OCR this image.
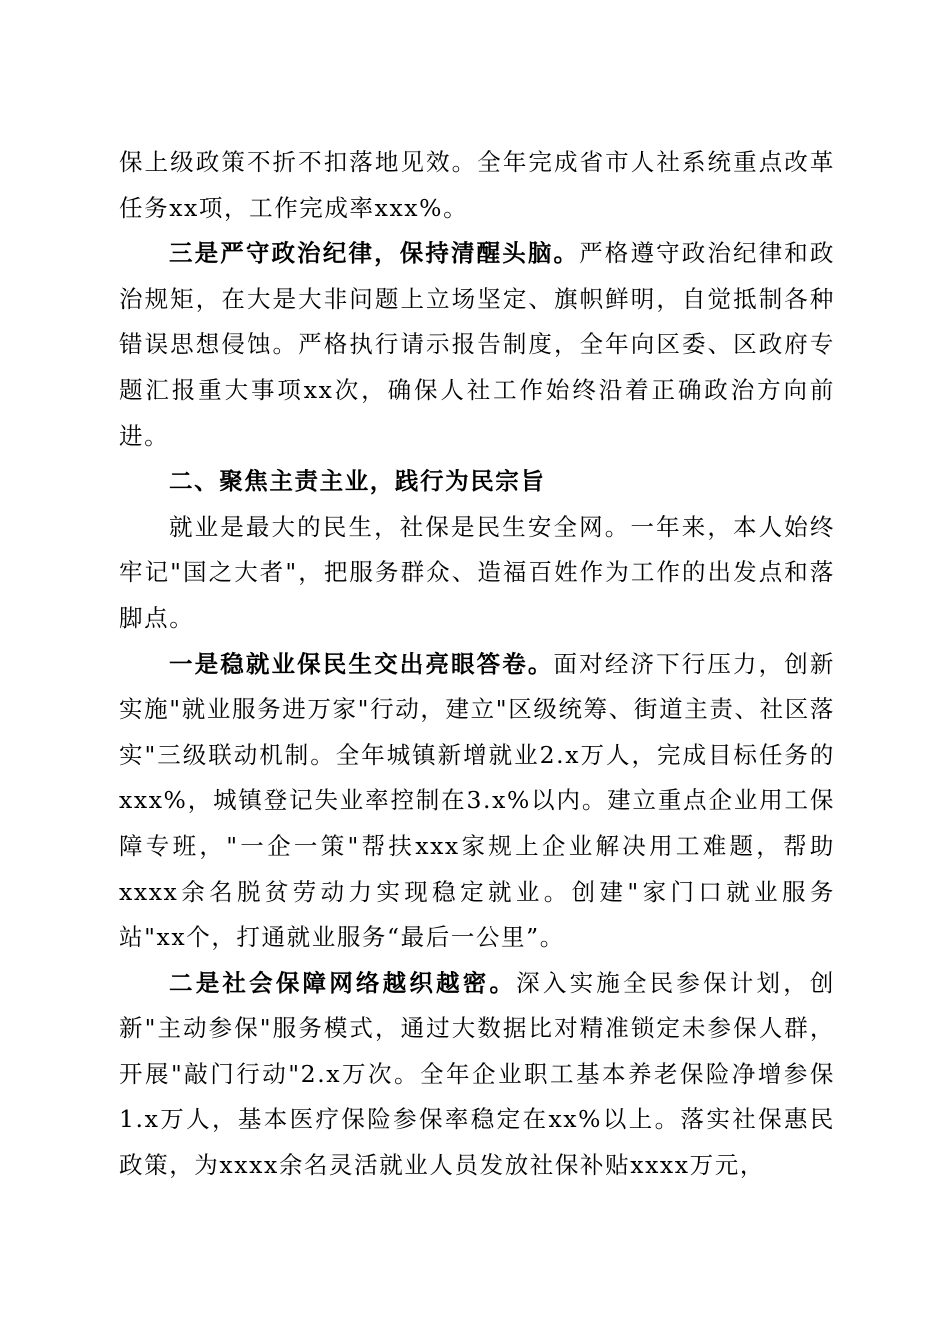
保上级政策不折不扣落地见效。全年完成省市人社系统重点改革任务xx项，工作完成率xxx%。

三是严守政治纪律，保持清醒头脑。严格遵守政治纪律和政治规矩，在大是大非问题上立场坚定、旗帜鲜明，自觉抵制各种错误思想侵蚀。严格执行请示报告制度，全年向区委、区政府专题汇报重大事项xx次，确保人社工作始终沿着正确政治方向前进。

二、聚焦主责主业，践行为民宗旨

就业是最大的民生，社保是民生安全网。一年来，本人始终牢记"国之大者"，把服务群众、造福百姓作为工作的出发点和落脚点。

一是稳就业保民生交出亮眼答卷。面对经济下行压力，创新实施"就业服务进万家"行动，建立"区级统筹、街道主责、社区落实"三级联动机制。全年城镇新增就业2.x万人，完成目标任务的xxx%，城镇登记失业率控制在3.x%以内。建立重点企业用工保障专班，"一企一策"帮扶xxx家规上企业解决用工难题，帮助xxxx余名脱贫劳动力实现稳定就业。创建"家门口就业服务站"xx个，打通就业服务“最后一公里”。

二是社会保障网络越织越密。深入实施全民参保计划，创新"主动参保"服务模式，通过大数据比对精准锁定未参保人群，开展"敲门行动"2.x万次。全年企业职工基本养老保险净增参保1.x万人，基本医疗保险参保率稳定在xx%以上。落实社保惠民政策，为xxxx余名灵活就业人员发放社保补贴xxxx万元，
